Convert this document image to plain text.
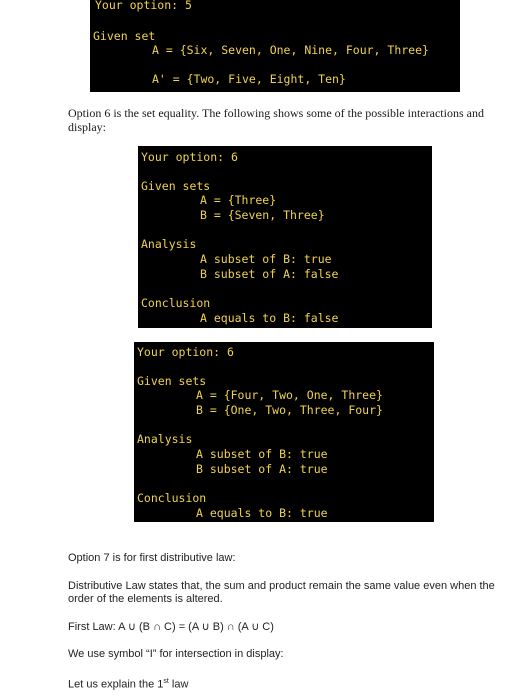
Your option: 5
Given set
A = {Six, Seven, One, Nine, Four, Three}
A' = {Two, Five, Eight, Ten}
Option 6 is the set equality. The following shows some of the possible interactions and display:
Your option: 6
Given sets
A = {Three}
B = {Seven, Three}
Analysis
A subset of B: true
B subset of A: false
Conclusion
A equals to B: false
Your option: 6
Given sets
A = {Four, Two, One, Three}
B = {One, Two, Three, Four}
Analysis
A subset of B: true
B subset of A: true
Conclusion
A equals to B: true
Option 7 is for first distributive law:
Distributive Law states that, the sum and product remain the same value even when the order of the elements is altered.
First Law: A ∪ (B ∩ C) = (A ∪ B) ∩ (A ∪ C)
We use symbol “I” for intersection in display:
Let us explain the 1st law
